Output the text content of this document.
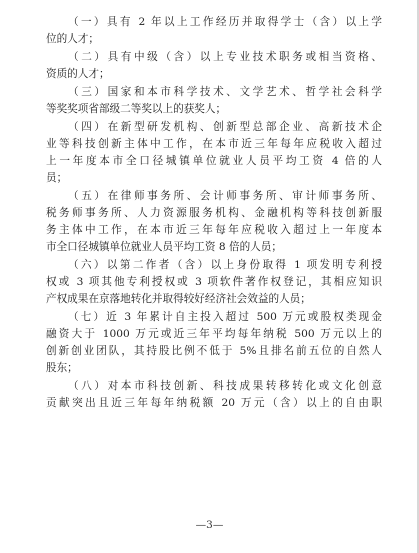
（一）具有 2 年以上工作经历并取得学士（含）以上学
位的人才；
（二）具有中级（含）以上专业技术职务或相当资格、
资质的人才；
（三）国家和本市科学技术、文学艺术、哲学社会科学
等奖奖项省部级二等奖以上的获奖人；
（四）在新型研发机构、创新型总部企业、高新技术企
业等科技创新主体中工作，在本市近三年每年应税收入超过
上一年度本市全口径城镇单位就业人员平均工资 4 倍的人
员；
（五）在律师事务所、会计师事务所、审计师事务所、
税务师事务所、人力资源服务机构、金融机构等科技创新服
务主体中工作，在本市近三年每年应税收入超过上一年度本
市全口径城镇单位就业人员平均工资 8 倍的人员；
（六）以第二作者（含）以上身份取得 1 项发明专利授
权或 3 项其他专利授权或 3 项软件著作权登记，其相应知识
产权成果在京落地转化并取得较好经济社会效益的人员；
（七）近 3 年累计自主投入超过 500 万元或股权类现金
融资大于 1000 万元或近三年平均每年纳税 500 万元以上的
创新创业团队，其持股比例不低于 5%且排名前五位的自然人
股东；
（八）对本市科技创新、科技成果转移转化或文化创意
贡献突出且近三年每年纳税额 20 万元（含）以上的自由职
—3—
